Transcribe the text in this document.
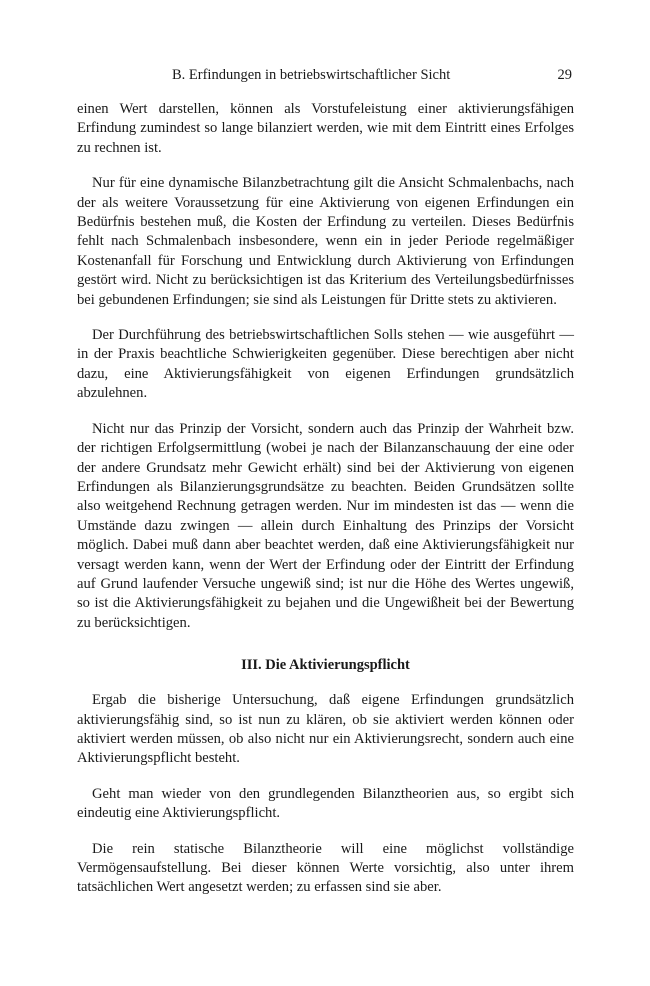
B. Erfindungen in betriebswirtschaftlicher Sicht	29

einen Wert darstellen, können als Vorstufeleistung einer aktivierungsfähigen Erfindung zumindest so lange bilanziert werden, wie mit dem Eintritt eines Erfolges zu rechnen ist.

Nur für eine dynamische Bilanzbetrachtung gilt die Ansicht Schmalenbachs, nach der als weitere Voraussetzung für eine Aktivierung von eigenen Erfindungen ein Bedürfnis bestehen muß, die Kosten der Erfindung zu verteilen. Dieses Bedürfnis fehlt nach Schmalenbach insbesondere, wenn ein in jeder Periode regelmäßiger Kostenanfall für Forschung und Entwicklung durch Aktivierung von Erfindungen gestört wird. Nicht zu berücksichtigen ist das Kriterium des Verteilungsbedürfnisses bei gebundenen Erfindungen; sie sind als Leistungen für Dritte stets zu aktivieren.

Der Durchführung des betriebswirtschaftlichen Solls stehen — wie ausgeführt — in der Praxis beachtliche Schwierigkeiten gegenüber. Diese berechtigen aber nicht dazu, eine Aktivierungsfähigkeit von eigenen Erfindungen grundsätzlich abzulehnen.

Nicht nur das Prinzip der Vorsicht, sondern auch das Prinzip der Wahrheit bzw. der richtigen Erfolgsermittlung (wobei je nach der Bilanzanschauung der eine oder der andere Grundsatz mehr Gewicht erhält) sind bei der Aktivierung von eigenen Erfindungen als Bilanzierungsgrundsätze zu beachten. Beiden Grundsätzen sollte also weitgehend Rechnung getragen werden. Nur im mindesten ist das — wenn die Umstände dazu zwingen — allein durch Einhaltung des Prinzips der Vorsicht möglich. Dabei muß dann aber beachtet werden, daß eine Aktivierungsfähigkeit nur versagt werden kann, wenn der Wert der Erfindung oder der Eintritt der Erfindung auf Grund laufender Versuche ungewiß sind; ist nur die Höhe des Wertes ungewiß, so ist die Aktivierungsfähigkeit zu bejahen und die Ungewißheit bei der Bewertung zu berücksichtigen.

III. Die Aktivierungspflicht

Ergab die bisherige Untersuchung, daß eigene Erfindungen grundsätzlich aktivierungsfähig sind, so ist nun zu klären, ob sie aktiviert werden können oder aktiviert werden müssen, ob also nicht nur ein Aktivierungsrecht, sondern auch eine Aktivierungspflicht besteht.

Geht man wieder von den grundlegenden Bilanztheorien aus, so ergibt sich eindeutig eine Aktivierungspflicht.

Die rein statische Bilanztheorie will eine möglichst vollständige Vermögensaufstellung. Bei dieser können Werte vorsichtig, also unter ihrem tatsächlichen Wert angesetzt werden; zu erfassen sind sie aber.
